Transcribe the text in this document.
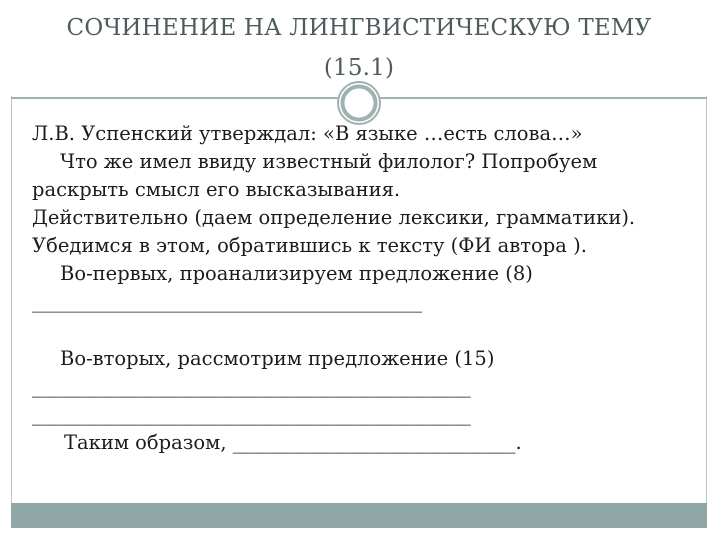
СОЧИНЕНИЕ НА ЛИНГВИСТИЧЕСКУЮ ТЕМУ
(15.1)
Л.В. Успенский утверждал: «В языке …есть слова…»
Что же имел ввиду известный филолог? Попробуем
раскрыть смысл его высказывания.
Действительно (даем определение лексики, грамматики).
Убедимся в этом, обратившись к тексту (ФИ автора ).
Во-первых, проанализируем предложение (8)
________________________________________
Во-вторых, рассмотрим предложение (15)
_____________________________________________
_____________________________________________
Таким образом, _____________________________.
